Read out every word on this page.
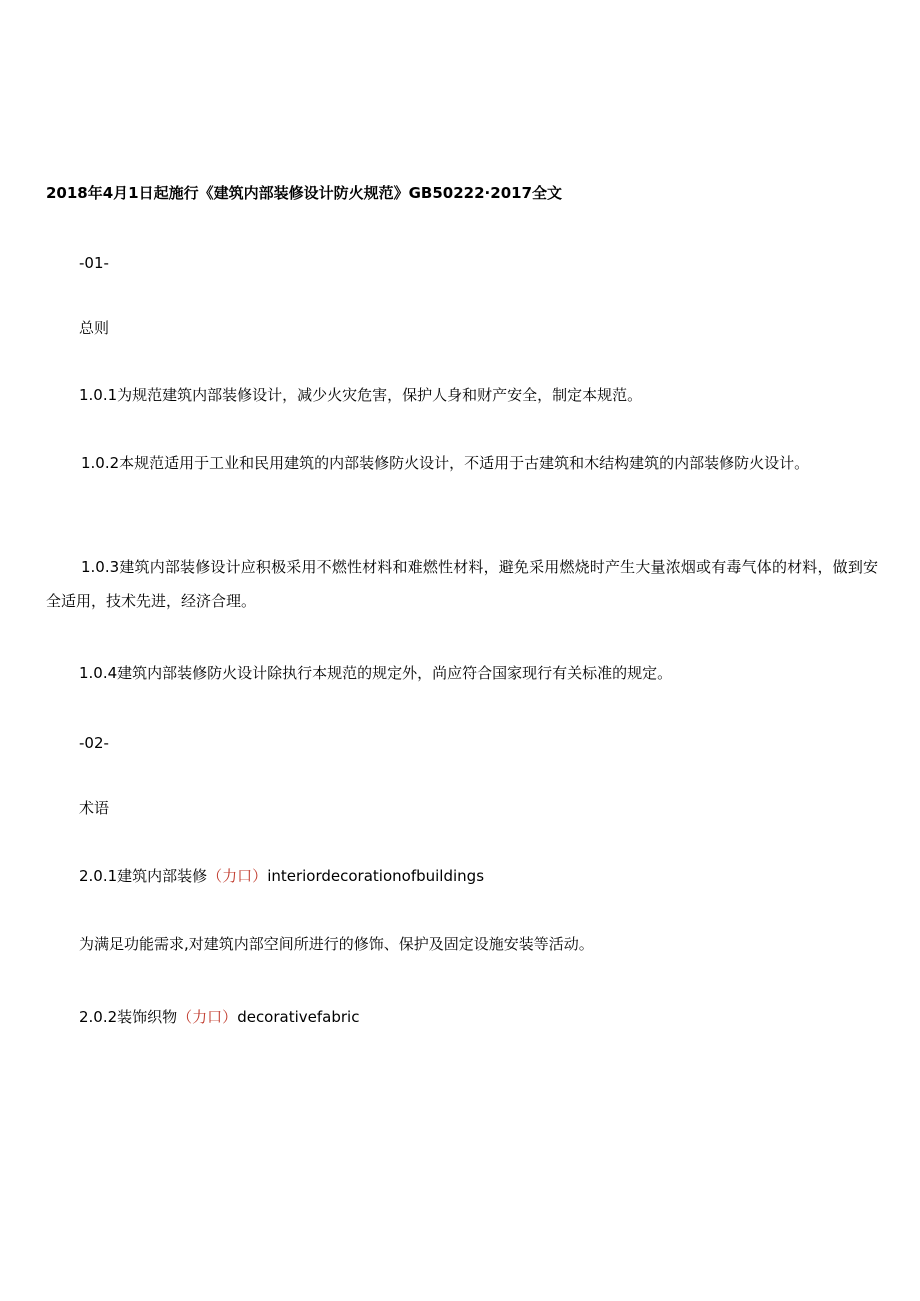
2018年4月1日起施行《建筑内部装修设计防火规范》GB50222·2017全文
-01-
总则
1.0.1为规范建筑内部装修设计，减少火灾危害，保护人身和财产安全，制定本规范。
1.0.2本规范适用于工业和民用建筑的内部装修防火设计，不适用于古建筑和木结构建筑的内部装修防火设计。
1.0.3建筑内部装修设计应积极采用不燃性材料和难燃性材料，避免采用燃烧时产生大量浓烟或有毒气体的材料，做到安全适用，技术先进，经济合理。
1.0.4建筑内部装修防火设计除执行本规范的规定外，尚应符合国家现行有关标准的规定。
-02-
术语
2.0.1建筑内部装修（力口）interiordecorationofbuildings
为满足功能需求,对建筑内部空间所进行的修饰、保护及固定设施安装等活动。
2.0.2装饰织物（力口）decorativefabric
